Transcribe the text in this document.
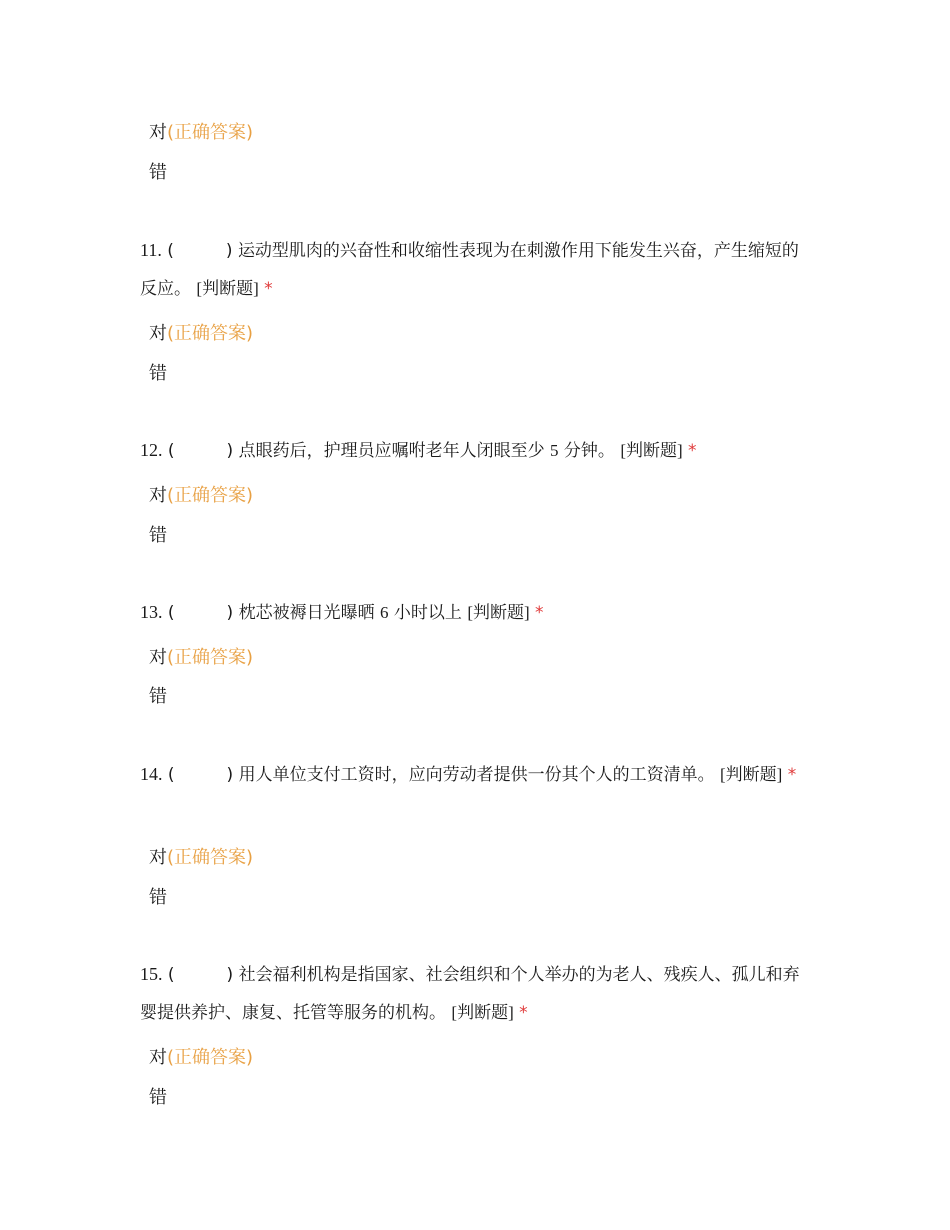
对(正确答案)
错
11. (	) 运动型肌肉的兴奋性和收缩性表现为在刺激作用下能发生兴奋，产生缩短的反应。 [判断题] *
对(正确答案)
错
12. (	) 点眼药后，护理员应嘱咐老年人闭眼至少 5 分钟。 [判断题] *
对(正确答案)
错
13. (	) 枕芯被褥日光曝晒 6 小时以上 [判断题] *
对(正确答案)
错
14. (	) 用人单位支付工资时，应向劳动者提供一份其个人的工资清单。 [判断题] *
对(正确答案)
错
15. (	) 社会福利机构是指国家、社会组织和个人举办的为老人、残疾人、孤儿和弃婴提供养护、康复、托管等服务的机构。 [判断题] *
对(正确答案)
错
